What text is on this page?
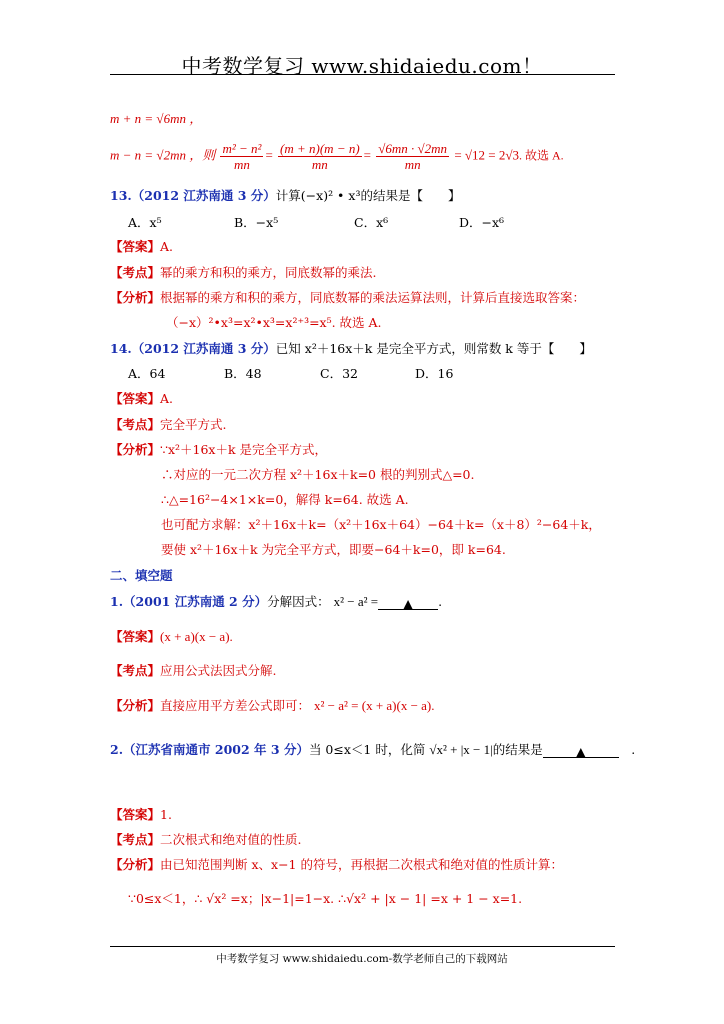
中考数学复习 www.shidaiedu.com！
m + n = √6mn ，
m − n = √2mn ，则 $\frac{\text{m² − n²}}{mn} = \frac{(m + n)(m - n)}{mn} = \frac{√6mn \cdot √2mn}{mn} = √12 = 2√3$. 故选 A.
13.（2012 江苏南通 3 分）计算(−x)² • x³的结果是【　　】
A．x⁵	B．−x⁵	C．x⁶	D．−x⁶
【答案】A.
【考点】幂的乘方和积的乘方，同底数幂的乘法.
【分析】根据幂的乘方和积的乘方，同底数幂的乘法运算法则，计算后直接选取答案：
（−x）²•x³=x²•x³=x²⁺³=x⁵. 故选 A.
14.（2012 江苏南通 3 分）已知 x²＋16x＋k 是完全平方式，则常数 k 等于【　　】
A．64	B．48	C．32	D．16
【答案】A.
【考点】完全平方式.
【分析】∵x²＋16x＋k 是完全平方式，
∴对应的一元二次方程 x²＋16x＋k=0 根的判别式△=0.
∴△=16²−4×1×k=0，解得 k=64. 故选 A.
也可配方求解：x²＋16x＋k=（x²＋16x＋64）−64＋k=（x＋8）²−64＋k，
要使 x²＋16x＋k 为完全平方式，即要−64＋k=0，即 k=64.
二、填空题
1.（2001 江苏南通 2 分）分解因式： x² − a² = ▲ .
【答案】(x + a)(x − a).
【考点】应用公式法因式分解.
【分析】直接应用平方差公式即可： x² − a² = (x + a)(x − a).
2.（江苏省南通市 2002 年 3 分）当 0≤x＜1 时，化简 √x² + |x − 1|的结果是	▲　	.
【答案】1.
【考点】二次根式和绝对值的性质.
【分析】由已知范围判断 x、x−1 的符号，再根据二次根式和绝对值的性质计算：
∵0≤x＜1，∴ √x² =x；|x−1|=1−x. ∴√x² + |x − 1| =x + 1 − x=1.
中考数学复习 www.shidaiedu.com-数学老师自己的下载网站
